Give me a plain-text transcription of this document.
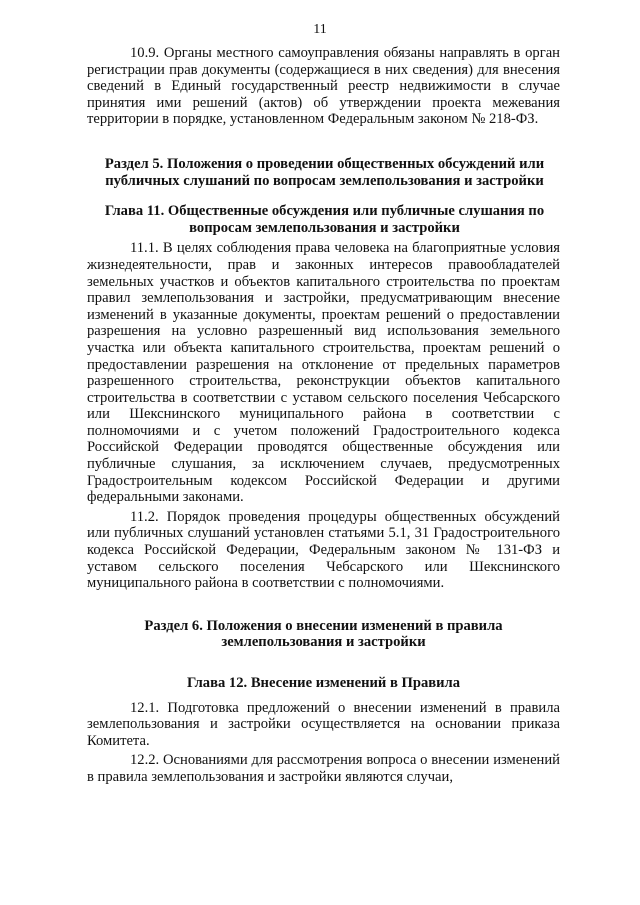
11

10.9. Органы местного самоуправления обязаны направлять в орган регистрации прав документы (содержащиеся в них сведения) для внесения сведений в Единый государственный реестр недвижимости в случае принятия ими решений (актов) об утверждении проекта межевания территории в порядке, установленном Федеральным законом № 218-ФЗ.

Раздел 5. Положения о проведении общественных обсуждений или
публичных слушаний по вопросам землепользования и застройки
Глава 11. Общественные обсуждения или публичные слушания по
вопросам землепользования и застройки

11.1. В целях соблюдения права человека на благоприятные условия жизнедеятельности, прав и законных интересов правообладателей земельных участков и объектов капитального строительства по проектам правил землепользования и застройки, предусматривающим внесение изменений в указанные документы, проектам решений о предоставлении разрешения на условно разрешенный вид использования земельного участка или объекта капитального строительства, проектам решений о предоставлении разрешения на отклонение от предельных параметров разрешенного строительства, реконструкции объектов капитального строительства в соответствии с уставом сельского поселения Чебсарского или Шекснинского муниципального района в соответствии с полномочиями и с учетом положений Градостроительного кодекса Российской Федерации проводятся общественные обсуждения или публичные слушания, за исключением случаев, предусмотренных Градостроительным кодексом Российской Федерации и другими федеральными законами.

11.2. Порядок проведения процедуры общественных обсуждений или публичных слушаний установлен статьями 5.1, 31 Градостроительного кодекса Российской Федерации, Федеральным законом № 131-ФЗ и уставом сельского поселения Чебсарского или Шекснинского муниципального района в соответствии с полномочиями.

Раздел 6. Положения о внесении изменений в правила
землепользования и застройки
Глава 12. Внесение изменений в Правила

12.1. Подготовка предложений о внесении изменений в правила землепользования и застройки осуществляется на основании приказа Комитета.

12.2. Основаниями для рассмотрения вопроса о внесении изменений в правила землепользования и застройки являются случаи,
